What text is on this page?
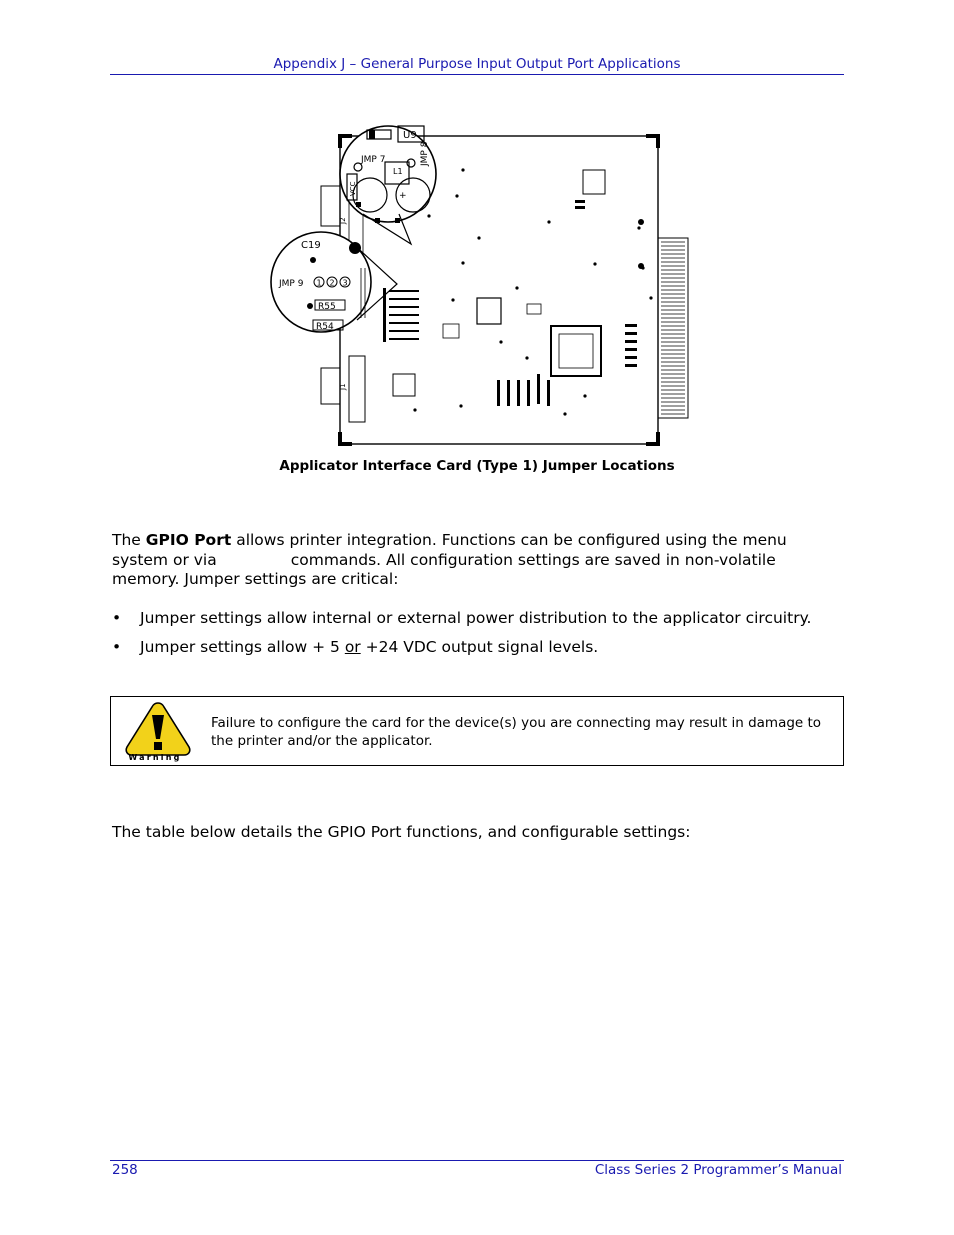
Appendix J – General Purpose Input Output Port Applications
JMP 7
U9
L1
+
JMP 8
VCC
J2
C19
JMP 9 1 2 3
R55
R54
J1
Applicator Interface Card (Type 1) Jumper Locations
The GPIO Port allows printer integration. Functions can be configured using the menu
system or via	commands. All configuration settings are saved in non-volatile
memory. Jumper settings are critical:
• Jumper settings allow internal or external power distribution to the applicator circuitry.
• Jumper settings allow + 5 or +24 VDC output signal levels.
Warning
Failure to configure the card for the device(s) you are connecting may result in damage to the printer and/or the applicator.
The table below details the GPIO Port functions, and configurable settings:
258	Class Series 2 Programmer’s Manual
